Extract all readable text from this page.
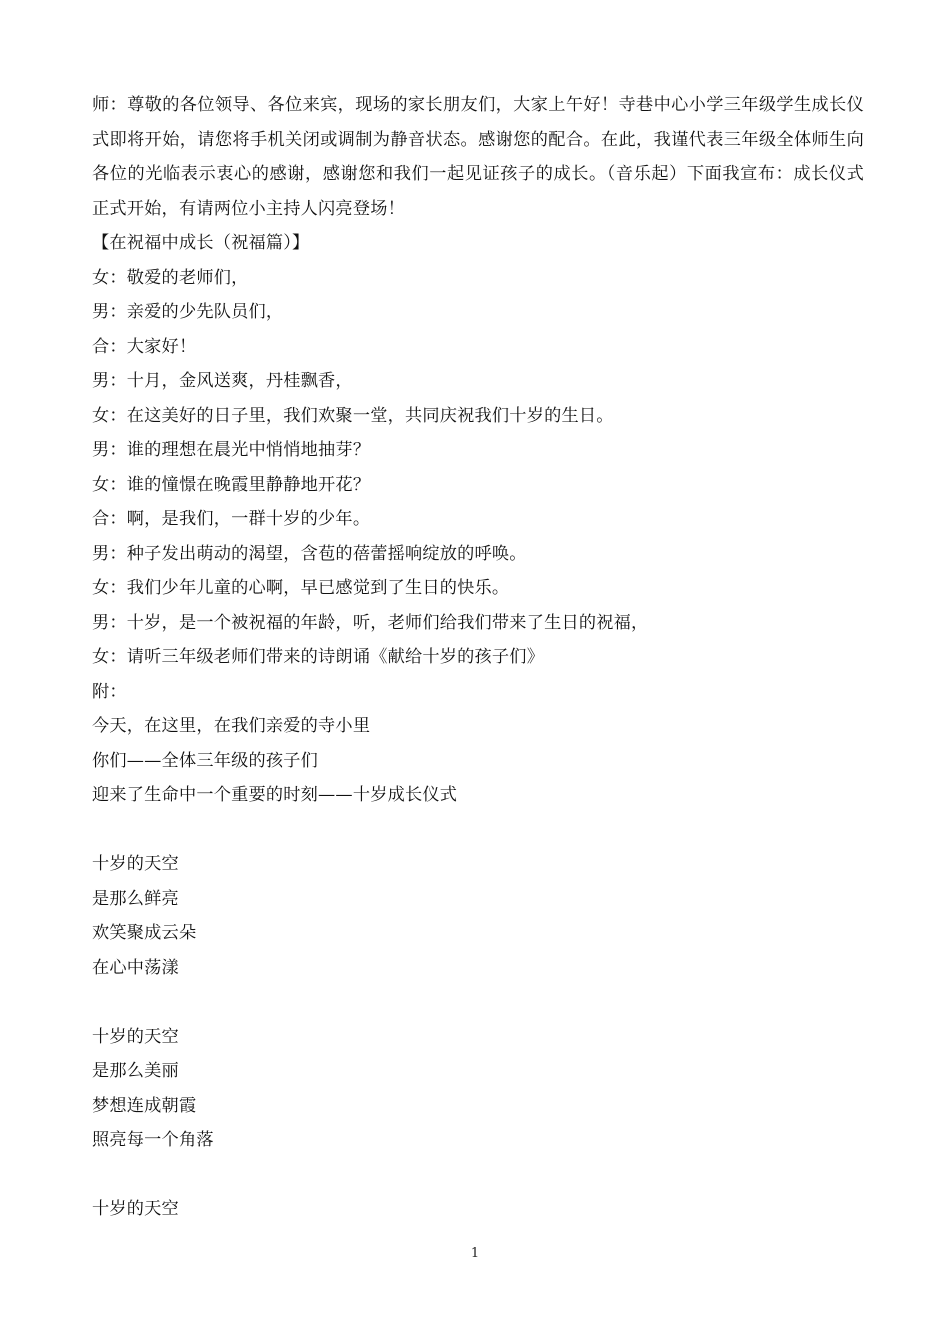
师：尊敬的各位领导、各位来宾，现场的家长朋友们，大家上午好！寺巷中心小学三年级学生成长仪式即将开始，请您将手机关闭或调制为静音状态。感谢您的配合。在此，我谨代表三年级全体师生向各位的光临表示衷心的感谢，感谢您和我们一起见证孩子的成长。（音乐起）下面我宣布：成长仪式正式开始，有请两位小主持人闪亮登场！

【在祝福中成长（祝福篇）】
女：敬爱的老师们，
男：亲爱的少先队员们，
合：大家好！
男：十月，金风送爽，丹桂飘香，
女：在这美好的日子里，我们欢聚一堂，共同庆祝我们十岁的生日。
男：谁的理想在晨光中悄悄地抽芽？
女：谁的憧憬在晚霞里静静地开花？
合：啊，是我们，一群十岁的少年。
男：种子发出萌动的渴望，含苞的蓓蕾摇响绽放的呼唤。
女：我们少年儿童的心啊，早已感觉到了生日的快乐。
男：十岁，是一个被祝福的年龄，听，老师们给我们带来了生日的祝福，
女：请听三年级老师们带来的诗朗诵《献给十岁的孩子们》
附：
今天，在这里，在我们亲爱的寺小里
你们——全体三年级的孩子们
迎来了生命中一个重要的时刻——十岁成长仪式
十岁的天空
是那么鲜亮
欢笑聚成云朵
在心中荡漾
十岁的天空
是那么美丽
梦想连成朝霞
照亮每一个角落
十岁的天空
1
